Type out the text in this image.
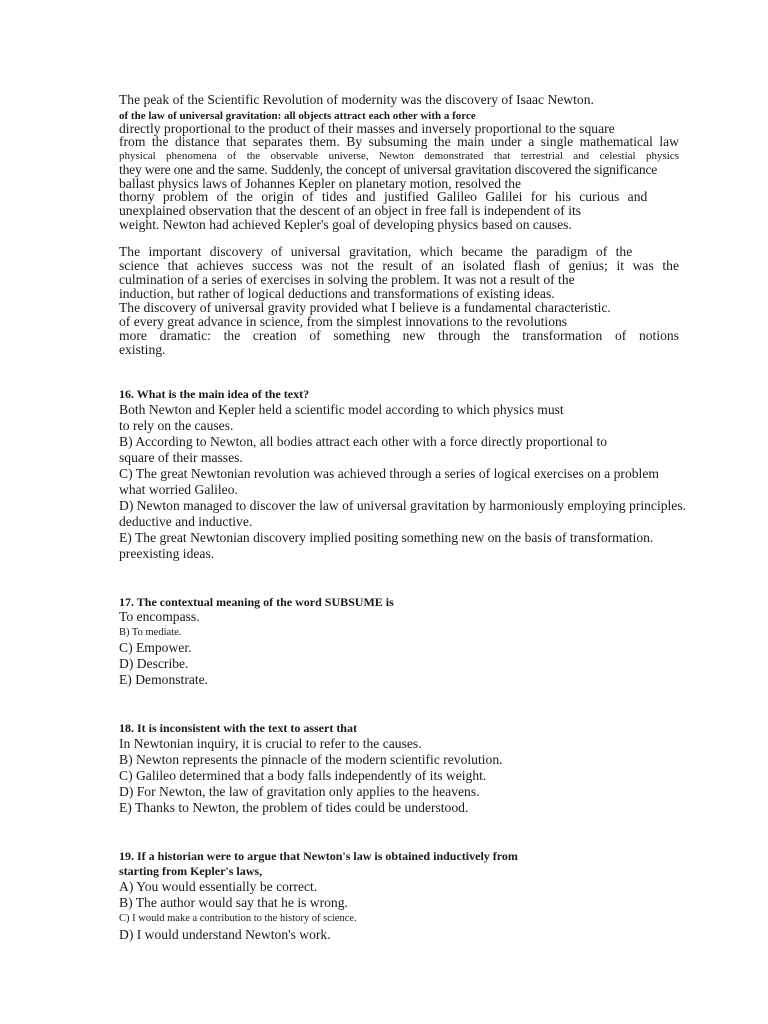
The peak of the Scientific Revolution of modernity was the discovery of Isaac Newton.
of the law of universal gravitation: all objects attract each other with a force
directly proportional to the product of their masses and inversely proportional to the square
from the distance that separates them. By subsuming the main under a single mathematical law
physical phenomena of the observable universe, Newton demonstrated that terrestrial and celestial physics
they were one and the same. Suddenly, the concept of universal gravitation discovered the significance
ballast physics laws of Johannes Kepler on planetary motion, resolved the
thorny problem of the origin of tides and justified Galileo Galilei for his curious and
unexplained observation that the descent of an object in free fall is independent of its
weight. Newton had achieved Kepler's goal of developing physics based on causes.
The important discovery of universal gravitation, which became the paradigm of the
science that achieves success was not the result of an isolated flash of genius; it was the
culmination of a series of exercises in solving the problem. It was not a result of the
induction, but rather of logical deductions and transformations of existing ideas.
The discovery of universal gravity provided what I believe is a fundamental characteristic.
of every great advance in science, from the simplest innovations to the revolutions
more dramatic: the creation of something new through the transformation of notions
existing.
16. What is the main idea of the text?
Both Newton and Kepler held a scientific model according to which physics must
to rely on the causes.
B) According to Newton, all bodies attract each other with a force directly proportional to
square of their masses.
C) The great Newtonian revolution was achieved through a series of logical exercises on a problem
what worried Galileo.
D) Newton managed to discover the law of universal gravitation by harmoniously employing principles.
deductive and inductive.
E) The great Newtonian discovery implied positing something new on the basis of transformation.
preexisting ideas.
17. The contextual meaning of the word SUBSUME is
To encompass.
B) To mediate.
C) Empower.
D) Describe.
E) Demonstrate.
18. It is inconsistent with the text to assert that
In Newtonian inquiry, it is crucial to refer to the causes.
B) Newton represents the pinnacle of the modern scientific revolution.
C) Galileo determined that a body falls independently of its weight.
D) For Newton, the law of gravitation only applies to the heavens.
E) Thanks to Newton, the problem of tides could be understood.
19. If a historian were to argue that Newton's law is obtained inductively from
starting from Kepler's laws,
A) You would essentially be correct.
B) The author would say that he is wrong.
C) I would make a contribution to the history of science.
D) I would understand Newton's work.
